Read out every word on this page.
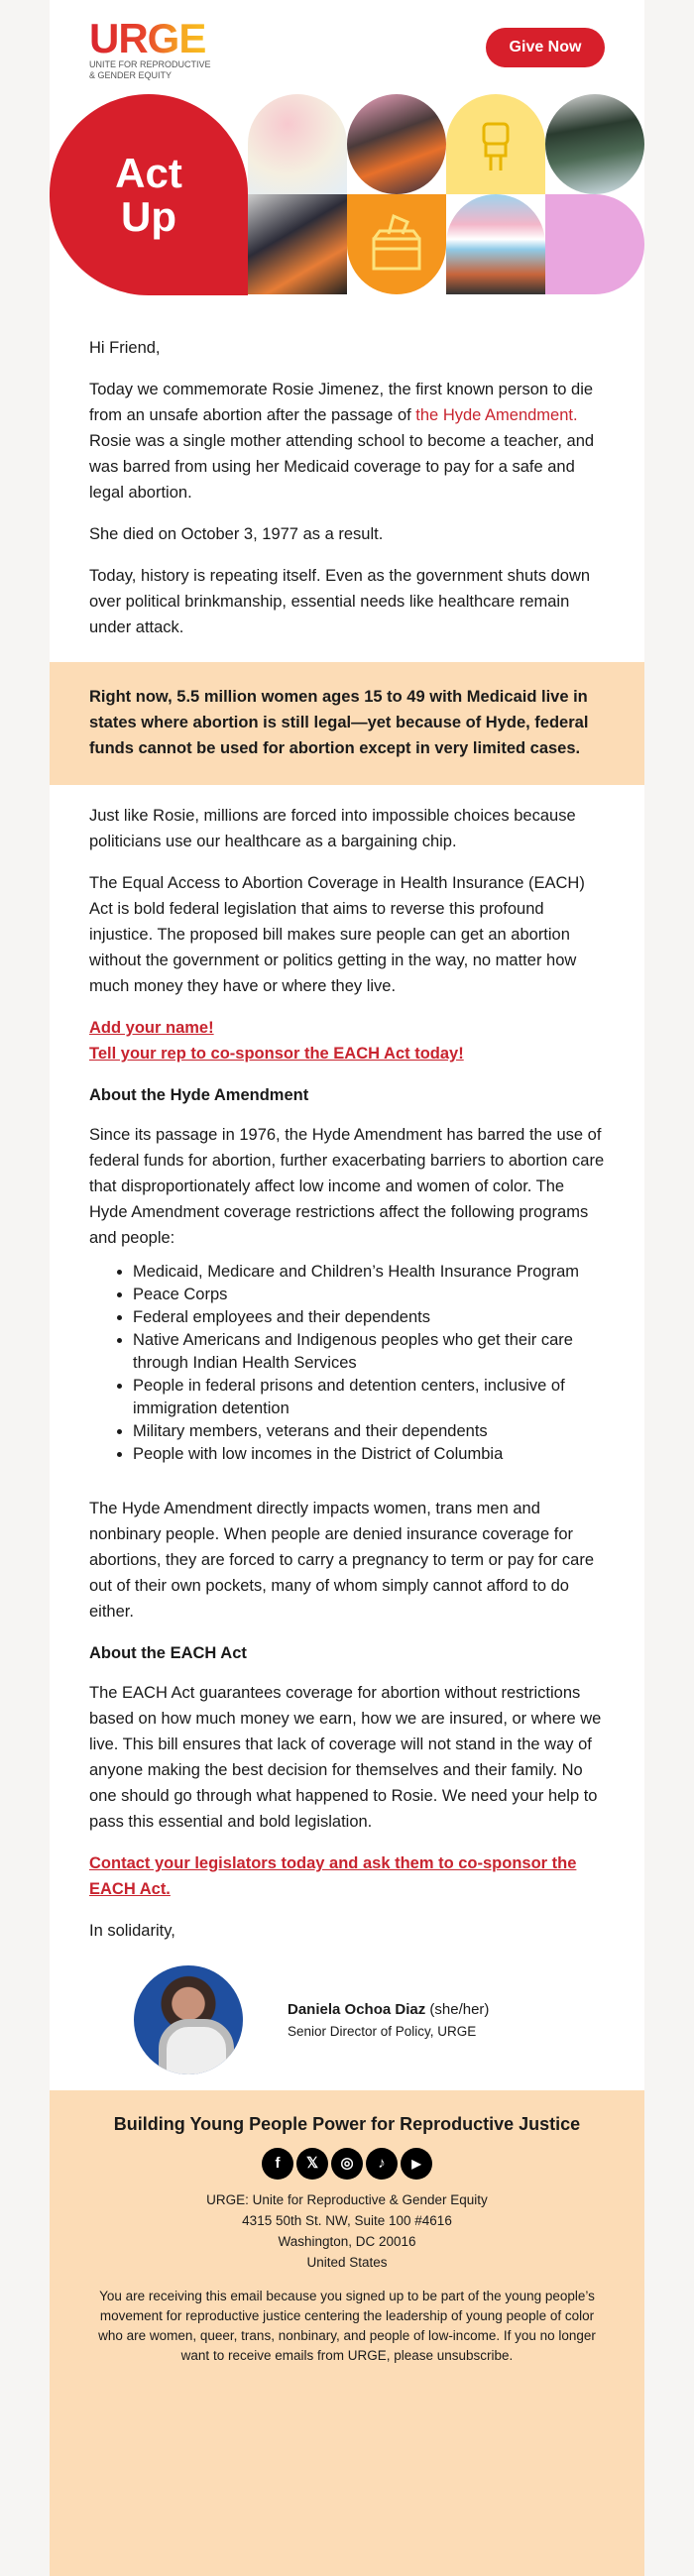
URGE
UNITE FOR REPRODUCTIVE & GENDER EQUITY
Give Now
Act
Up

Hi Friend,

Today we commemorate Rosie Jimenez, the first known person to die from an unsafe abortion after the passage of the Hyde Amendment. Rosie was a single mother attending school to become a teacher, and was barred from using her Medicaid coverage to pay for a safe and legal abortion.

She died on October 3, 1977 as a result.

Today, history is repeating itself. Even as the government shuts down over political brinkmanship, essential needs like healthcare remain under attack.

Right now, 5.5 million women ages 15 to 49 with Medicaid live in states where abortion is still legal—yet because of Hyde, federal funds cannot be used for abortion except in very limited cases.

Just like Rosie, millions are forced into impossible choices because politicians use our healthcare as a bargaining chip.

The Equal Access to Abortion Coverage in Health Insurance (EACH) Act is bold federal legislation that aims to reverse this profound injustice. The proposed bill makes sure people can get an abortion without the government or politics getting in the way, no matter how much money they have or where they live.

Add your name!
Tell your rep to co-sponsor the EACH Act today!

About the Hyde Amendment

Since its passage in 1976, the Hyde Amendment has barred the use of federal funds for abortion, further exacerbating barriers to abortion care that disproportionately affect low income and women of color. The Hyde Amendment coverage restrictions affect the following programs and people:

• Medicaid, Medicare and Children’s Health Insurance Program
• Peace Corps
• Federal employees and their dependents
• Native Americans and Indigenous peoples who get their care through Indian Health Services
• People in federal prisons and detention centers, inclusive of immigration detention
• Military members, veterans and their dependents
• People with low incomes in the District of Columbia

The Hyde Amendment directly impacts women, trans men and nonbinary people. When people are denied insurance coverage for abortions, they are forced to carry a pregnancy to term or pay for care out of their own pockets, many of whom simply cannot afford to do either.

About the EACH Act

The EACH Act guarantees coverage for abortion without restrictions based on how much money we earn, how we are insured, or where we live. This bill ensures that lack of coverage will not stand in the way of anyone making the best decision for themselves and their family. No one should go through what happened to Rosie. We need your help to pass this essential and bold legislation.

Contact your legislators today and ask them to co-sponsor the EACH Act.

In solidarity,

Daniela Ochoa Diaz (she/her)
Senior Director of Policy, URGE
Building Young People Power for Reproductive Justice
f	𝕏	◎	♪	▶
URGE: Unite for Reproductive & Gender Equity
4315 50th St. NW, Suite 100 #4616
Washington, DC 20016
United States
You are receiving this email because you signed up to be part of the young people’s movement for reproductive justice centering the leadership of young people of color who are women, queer, trans, nonbinary, and people of low-income. If you no longer want to receive emails from URGE, please unsubscribe.
